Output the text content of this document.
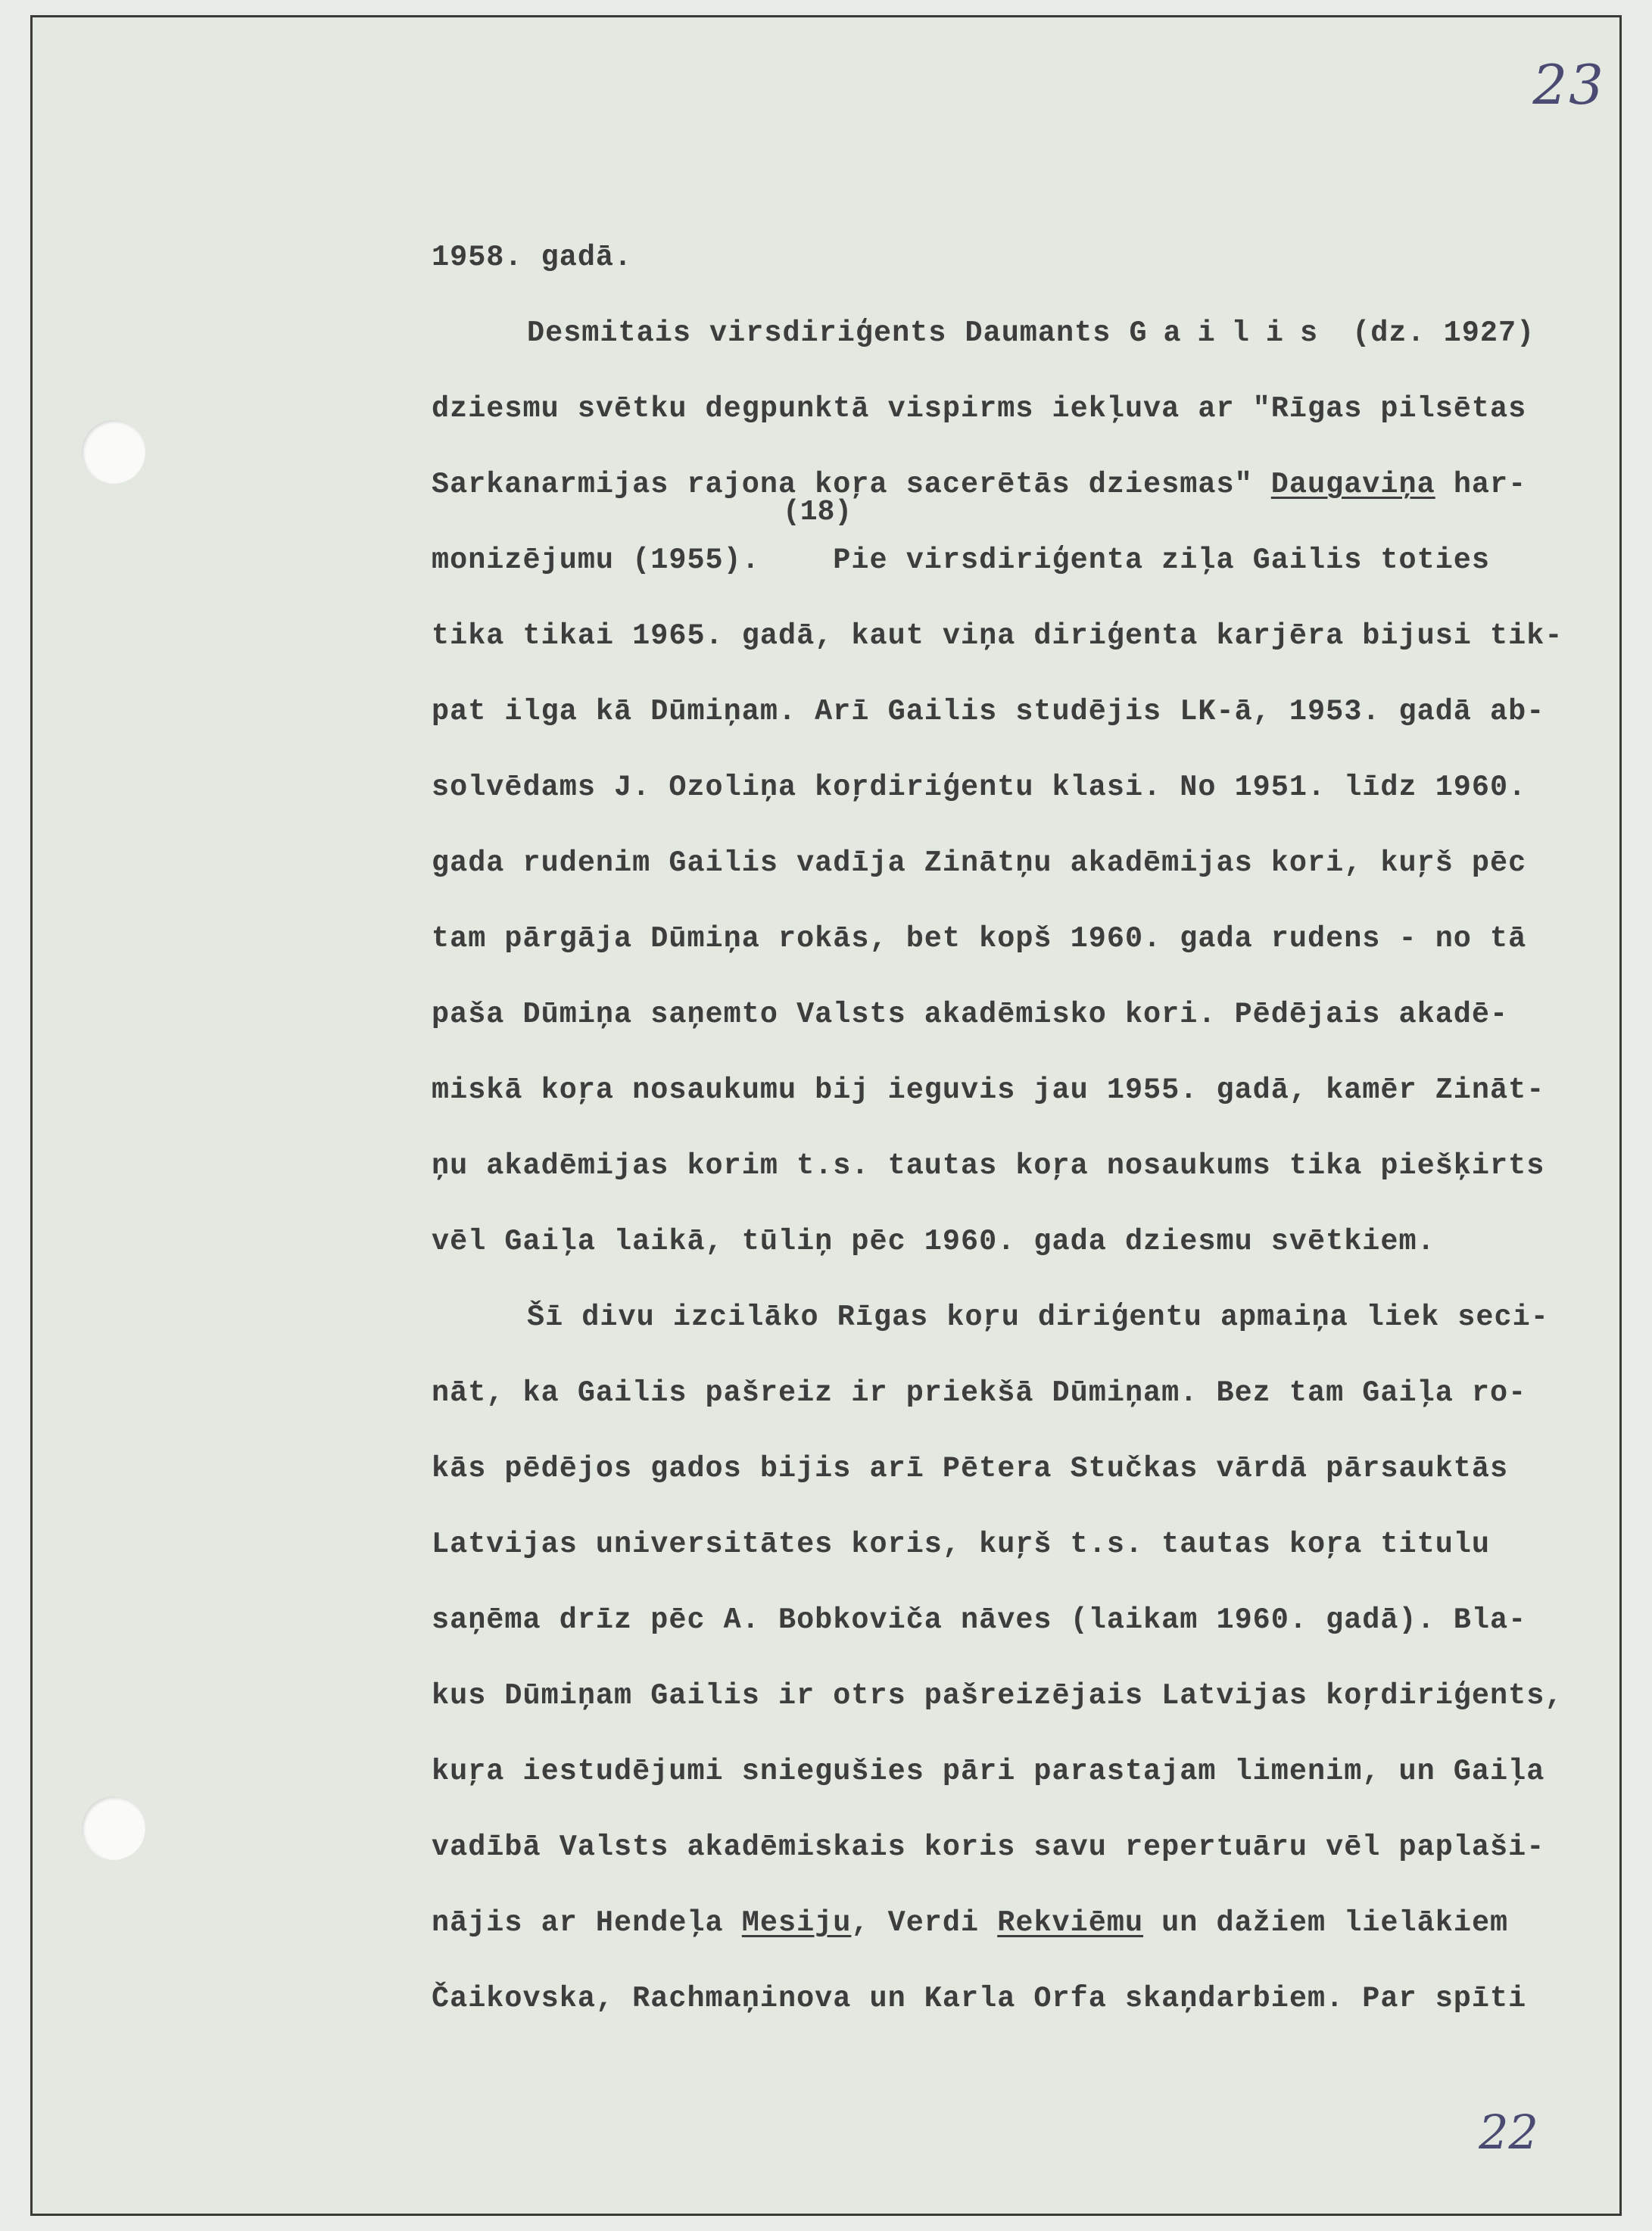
23
22
(18)
1958. gadā.
Desmitais virsdiriģents Daumants Gailis (dz. 1927)
dziesmu svētku degpunktā vispirms iekļuva ar "Rīgas pilsētas
Sarkanarmijas rajona koŗa sacerētās dziesmas" Daugaviņa har-
monizējumu (1955).    Pie virsdiriģenta ziļa Gailis toties
tika tikai 1965. gadā, kaut viņa diriģenta karjēra bijusi tik-
pat ilga kā Dūmiņam. Arī Gailis studējis LK-ā, 1953. gadā ab-
solvēdams J. Ozoliņa koŗdiriģentu klasi. No 1951. līdz 1960.
gada rudenim Gailis vadīja Zinātņu akadēmijas kori, kuŗš pēc
tam pārgāja Dūmiņa rokās, bet kopš 1960. gada rudens - no tā
paša Dūmiņa saņemto Valsts akadēmisko kori. Pēdējais akadē-
miskā koŗa nosaukumu bij ieguvis jau 1955. gadā, kamēr Zināt-
ņu akadēmijas korim t.s. tautas koŗa nosaukums tika piešķirts
vēl Gaiļa laikā, tūliņ pēc 1960. gada dziesmu svētkiem.
Šī divu izcilāko Rīgas koŗu diriģentu apmaiņa liek seci-
nāt, ka Gailis pašreiz ir priekšā Dūmiņam. Bez tam Gaiļa ro-
kās pēdējos gados bijis arī Pētera Stučkas vārdā pārsauktās
Latvijas universitātes koris, kuŗš t.s. tautas koŗa titulu
saņēma drīz pēc A. Bobkoviča nāves (laikam 1960. gadā). Bla-
kus Dūmiņam Gailis ir otrs pašreizējais Latvijas koŗdiriģents,
kuŗa iestudējumi sniegušies pāri parastajam limenim, un Gaiļa
vadībā Valsts akadēmiskais koris savu repertuāru vēl paplaši-
nājis ar Hendeļa Mesiju, Verdi Rekviēmu un dažiem lielākiem
Čaikovska, Rachmaņinova un Karla Orfa skaņdarbiem. Par spīti
